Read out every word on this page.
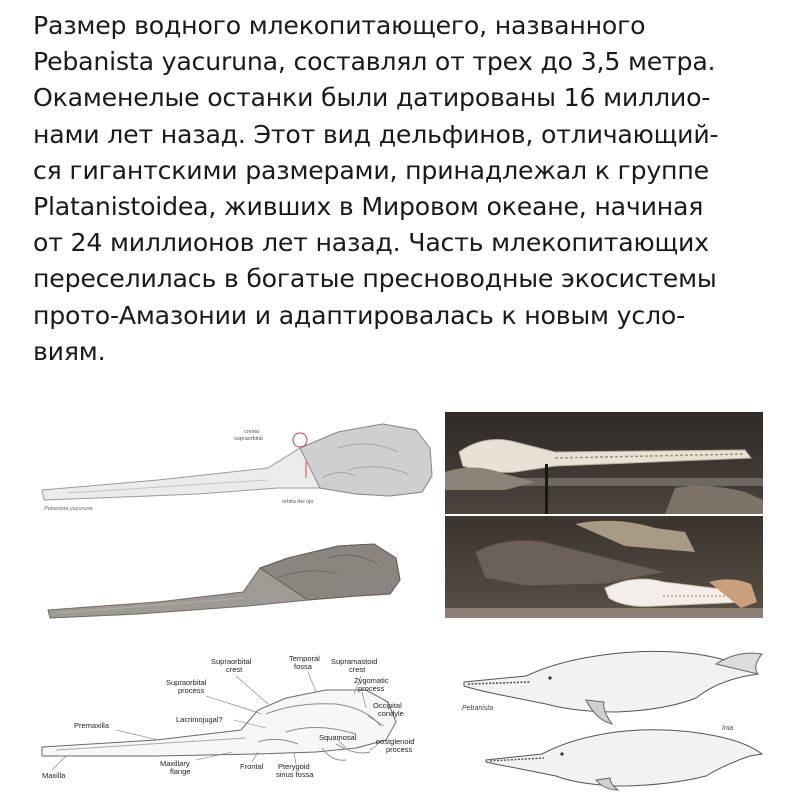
Размер водного млекопитающего, названного
Pebanista yacuruna, составлял от трех до 3,5 метра.
Окаменелые останки были датированы 16 миллио-
нами лет назад. Этот вид дельфинов, отличающий-
ся гигантскими размерами, принадлежал к группе
Platanistoidea, живших в Мировом океане, начиная
от 24 миллионов лет назад. Часть млекопитающих
переселилась в богатые пресноводные экосистемы
прото-Амазонии и адаптировалась к новым усло-
виям.
cresta
supraorbital
orbita del ojo
Pebanista yacuruna
Supraorbital
crest
Temporal
fossa
Supramastoid
crest
Supraorbital
process
Zygomatic
process
Occipital
condyle
Premaxilla
Lacrimojugal?
Squamosal	postglenoid
process
Maxilla
Maxillary
flange
Frontal Pterygoid
sinus fossa
Pebanista
Inia
